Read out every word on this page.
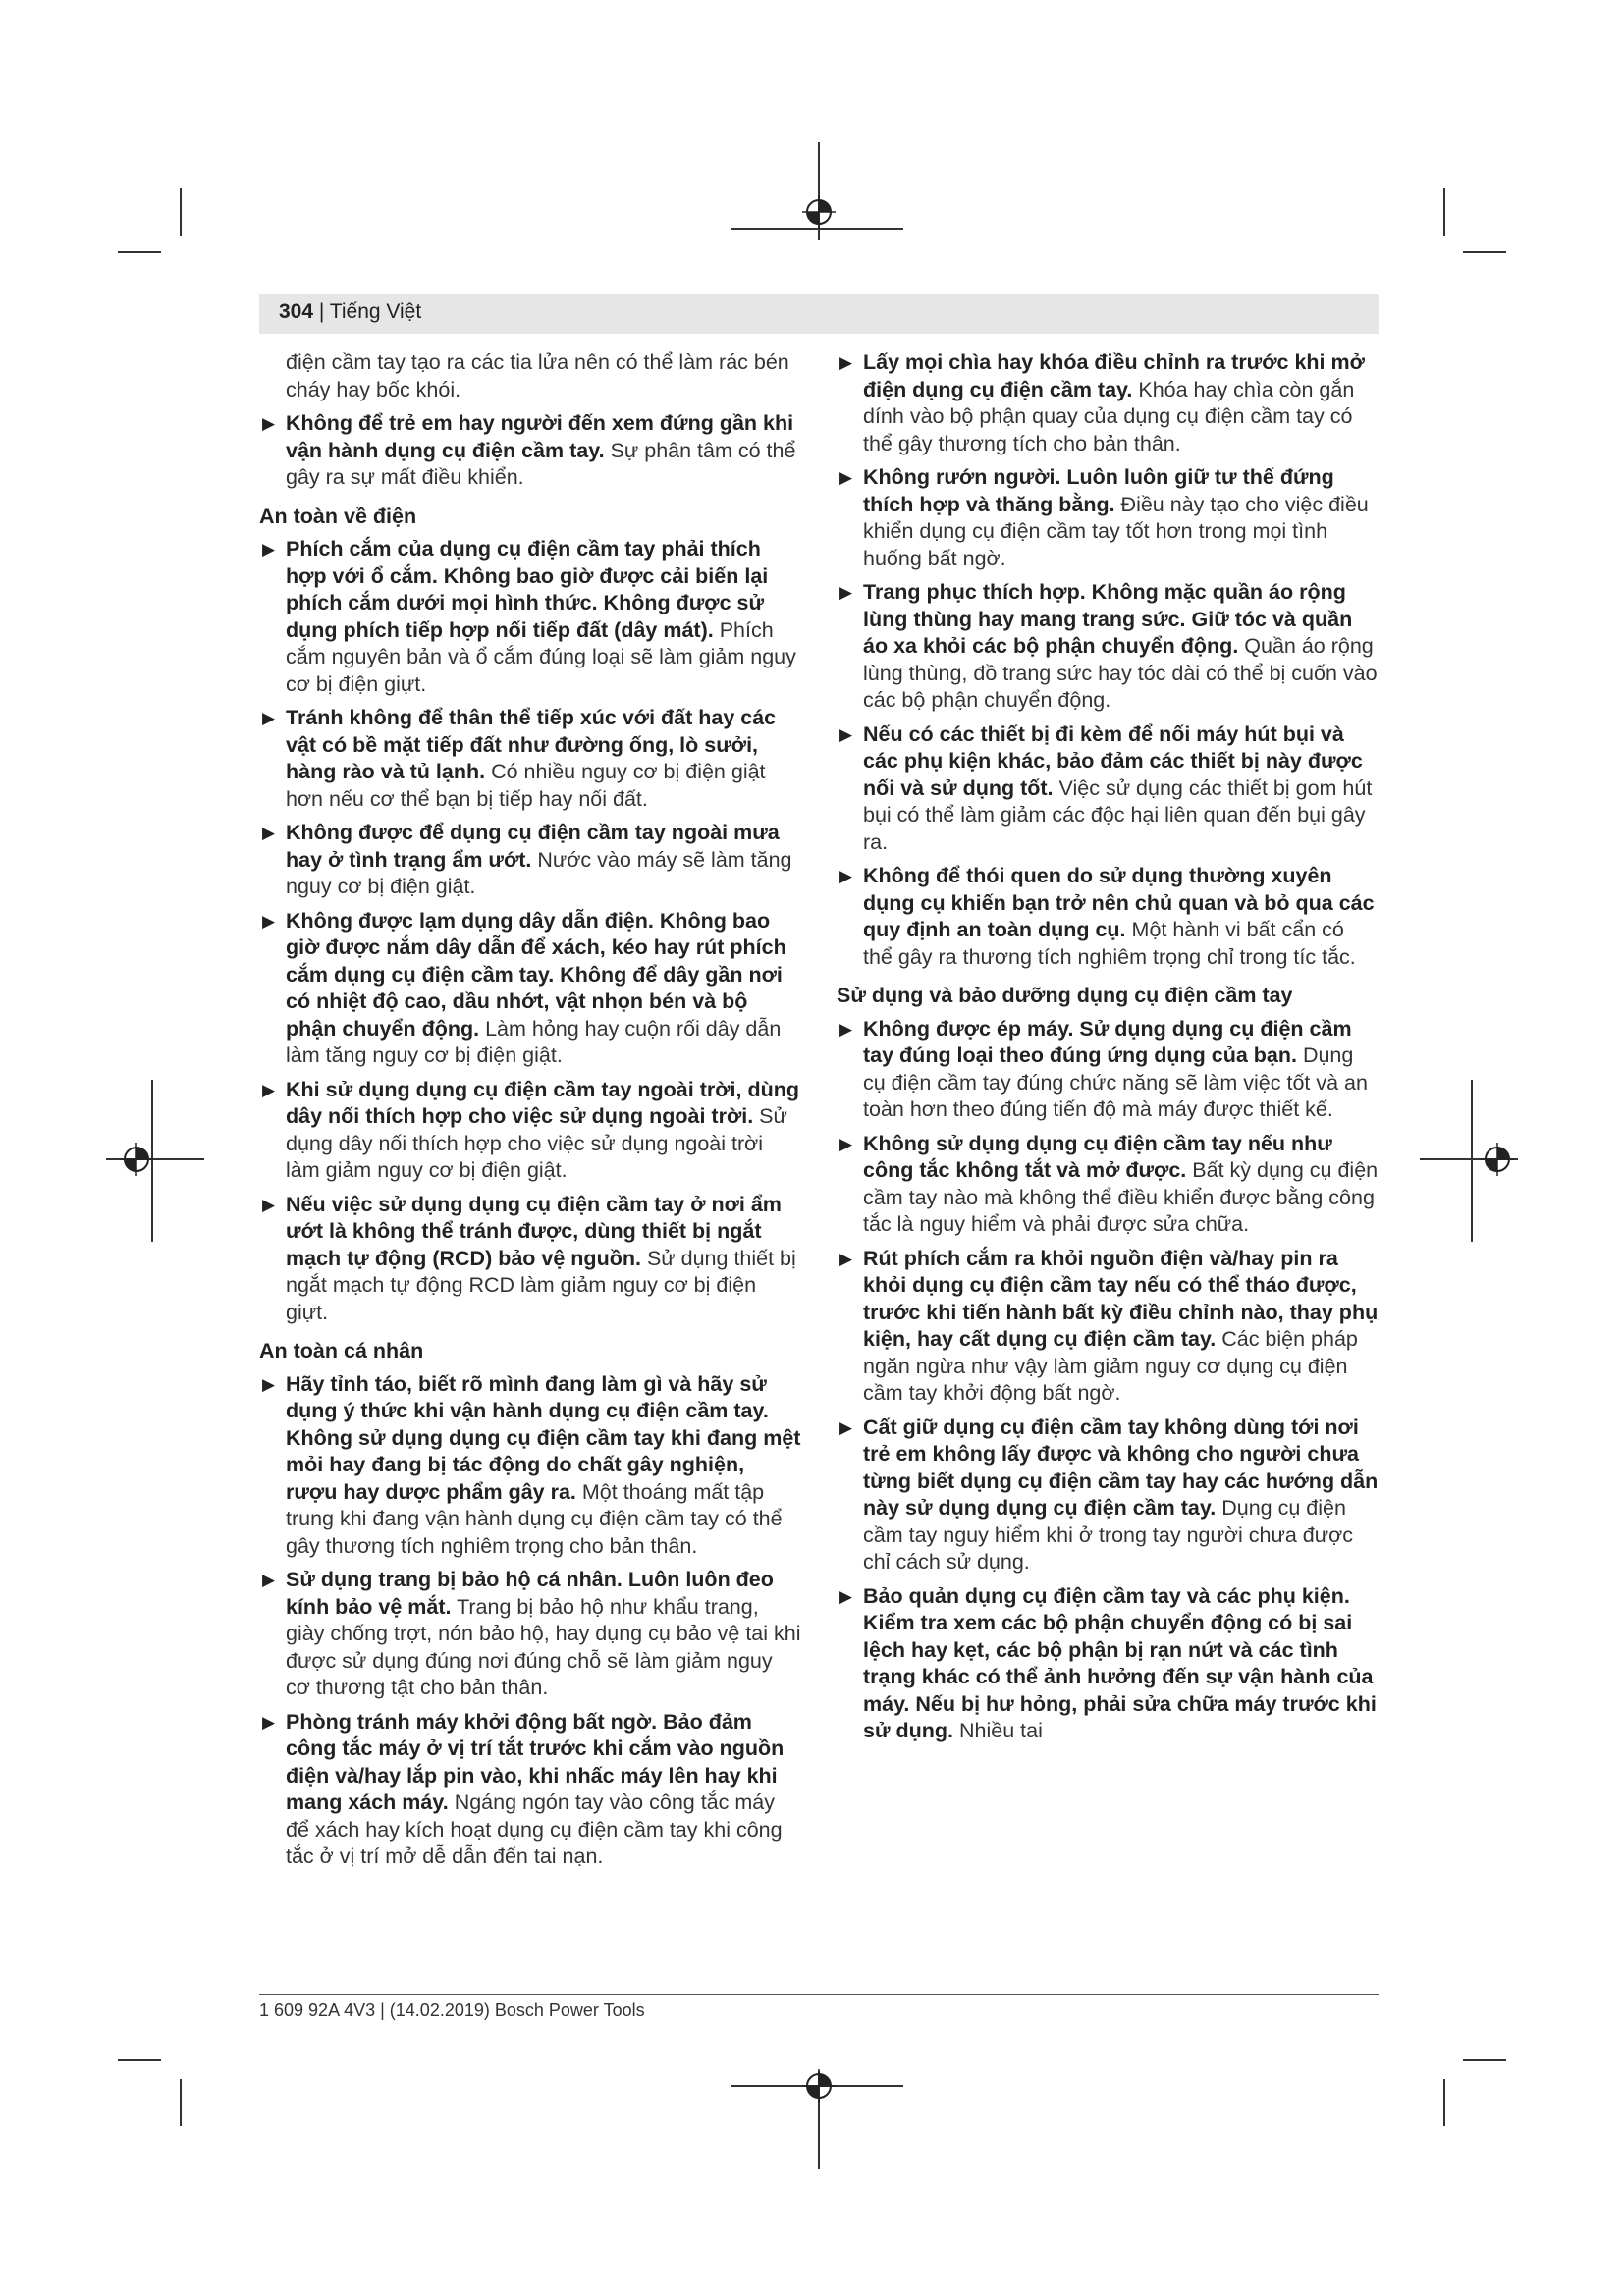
304 | Tiếng Việt
điện cầm tay tạo ra các tia lửa nên có thể làm rác bén cháy hay bốc khói.
▶ Không để trẻ em hay người đến xem đứng gần khi vận hành dụng cụ điện cầm tay. Sự phân tâm có thể gây ra sự mất điều khiển.
An toàn về điện
▶ Phích cắm của dụng cụ điện cầm tay phải thích hợp với ổ cắm. Không bao giờ được cải biến lại phích cắm dưới mọi hình thức. Không được sử dụng phích tiếp hợp nối tiếp đất (dây mát). Phích cắm nguyên bản và ổ cắm đúng loại sẽ làm giảm nguy cơ bị điện giựt.
▶ Tránh không để thân thể tiếp xúc với đất hay các vật có bề mặt tiếp đất như đường ống, lò sưởi, hàng rào và tủ lạnh. Có nhiều nguy cơ bị điện giật hơn nếu cơ thể bạn bị tiếp hay nối đất.
▶ Không được để dụng cụ điện cầm tay ngoài mưa hay ở tình trạng ẩm ướt. Nước vào máy sẽ làm tăng nguy cơ bị điện giật.
▶ Không được lạm dụng dây dẫn điện. Không bao giờ được nắm dây dẫn để xách, kéo hay rút phích cắm dụng cụ điện cầm tay. Không để dây gần nơi có nhiệt độ cao, dầu nhớt, vật nhọn bén và bộ phận chuyển động. Làm hỏng hay cuộn rối dây dẫn làm tăng nguy cơ bị điện giật.
▶ Khi sử dụng dụng cụ điện cầm tay ngoài trời, dùng dây nối thích hợp cho việc sử dụng ngoài trời. Sử dụng dây nối thích hợp cho việc sử dụng ngoài trời làm giảm nguy cơ bị điện giật.
▶ Nếu việc sử dụng dụng cụ điện cầm tay ở nơi ẩm ướt là không thể tránh được, dùng thiết bị ngắt mạch tự động (RCD) bảo vệ nguồn. Sử dụng thiết bị ngắt mạch tự động RCD làm giảm nguy cơ bị điện giựt.
An toàn cá nhân
▶ Hãy tỉnh táo, biết rõ mình đang làm gì và hãy sử dụng ý thức khi vận hành dụng cụ điện cầm tay. Không sử dụng dụng cụ điện cầm tay khi đang mệt mỏi hay đang bị tác động do chất gây nghiện, rượu hay dược phẩm gây ra. Một thoáng mất tập trung khi đang vận hành dụng cụ điện cầm tay có thể gây thương tích nghiêm trọng cho bản thân.
▶ Sử dụng trang bị bảo hộ cá nhân. Luôn luôn đeo kính bảo vệ mắt. Trang bị bảo hộ như khẩu trang, giày chống trợt, nón bảo hộ, hay dụng cụ bảo vệ tai khi được sử dụng đúng nơi đúng chỗ sẽ làm giảm nguy cơ thương tật cho bản thân.
▶ Phòng tránh máy khởi động bất ngờ. Bảo đảm công tắc máy ở vị trí tắt trước khi cắm vào nguồn điện và/hay lắp pin vào, khi nhấc máy lên hay khi mang xách máy. Ngáng ngón tay vào công tắc máy để xách hay kích hoạt dụng cụ điện cầm tay khi công tắc ở vị trí mở dễ dẫn đến tai nạn.
▶ Lấy mọi chìa hay khóa điều chỉnh ra trước khi mở điện dụng cụ điện cầm tay. Khóa hay chìa còn gắn dính vào bộ phận quay của dụng cụ điện cầm tay có thể gây thương tích cho bản thân.
▶ Không rướn người. Luôn luôn giữ tư thế đứng thích hợp và thăng bằng. Điều này tạo cho việc điều khiển dụng cụ điện cầm tay tốt hơn trong mọi tình huống bất ngờ.
▶ Trang phục thích hợp. Không mặc quần áo rộng lùng thùng hay mang trang sức. Giữ tóc và quần áo xa khỏi các bộ phận chuyển động. Quần áo rộng lùng thùng, đồ trang sức hay tóc dài có thể bị cuốn vào các bộ phận chuyển động.
▶ Nếu có các thiết bị đi kèm để nối máy hút bụi và các phụ kiện khác, bảo đảm các thiết bị này được nối và sử dụng tốt. Việc sử dụng các thiết bị gom hút bụi có thể làm giảm các độc hại liên quan đến bụi gây ra.
▶ Không để thói quen do sử dụng thường xuyên dụng cụ khiến bạn trở nên chủ quan và bỏ qua các quy định an toàn dụng cụ. Một hành vi bất cẩn có thể gây ra thương tích nghiêm trọng chỉ trong tíc tắc.
Sử dụng và bảo dưỡng dụng cụ điện cầm tay
▶ Không được ép máy. Sử dụng dụng cụ điện cầm tay đúng loại theo đúng ứng dụng của bạn. Dụng cụ điện cầm tay đúng chức năng sẽ làm việc tốt và an toàn hơn theo đúng tiến độ mà máy được thiết kế.
▶ Không sử dụng dụng cụ điện cầm tay nếu như công tắc không tắt và mở được. Bất kỳ dụng cụ điện cầm tay nào mà không thể điều khiển được bằng công tắc là nguy hiểm và phải được sửa chữa.
▶ Rút phích cắm ra khỏi nguồn điện và/hay pin ra khỏi dụng cụ điện cầm tay nếu có thể tháo được, trước khi tiến hành bất kỳ điều chỉnh nào, thay phụ kiện, hay cất dụng cụ điện cầm tay. Các biện pháp ngăn ngừa như vậy làm giảm nguy cơ dụng cụ điện cầm tay khởi động bất ngờ.
▶ Cất giữ dụng cụ điện cầm tay không dùng tới nơi trẻ em không lấy được và không cho người chưa từng biết dụng cụ điện cầm tay hay các hướng dẫn này sử dụng dụng cụ điện cầm tay. Dụng cụ điện cầm tay nguy hiểm khi ở trong tay người chưa được chỉ cách sử dụng.
▶ Bảo quản dụng cụ điện cầm tay và các phụ kiện. Kiểm tra xem các bộ phận chuyển động có bị sai lệch hay kẹt, các bộ phận bị rạn nứt và các tình trạng khác có thể ảnh hưởng đến sự vận hành của máy. Nếu bị hư hỏng, phải sửa chữa máy trước khi sử dụng. Nhiều tai
1 609 92A 4V3 | (14.02.2019) Bosch Power Tools
